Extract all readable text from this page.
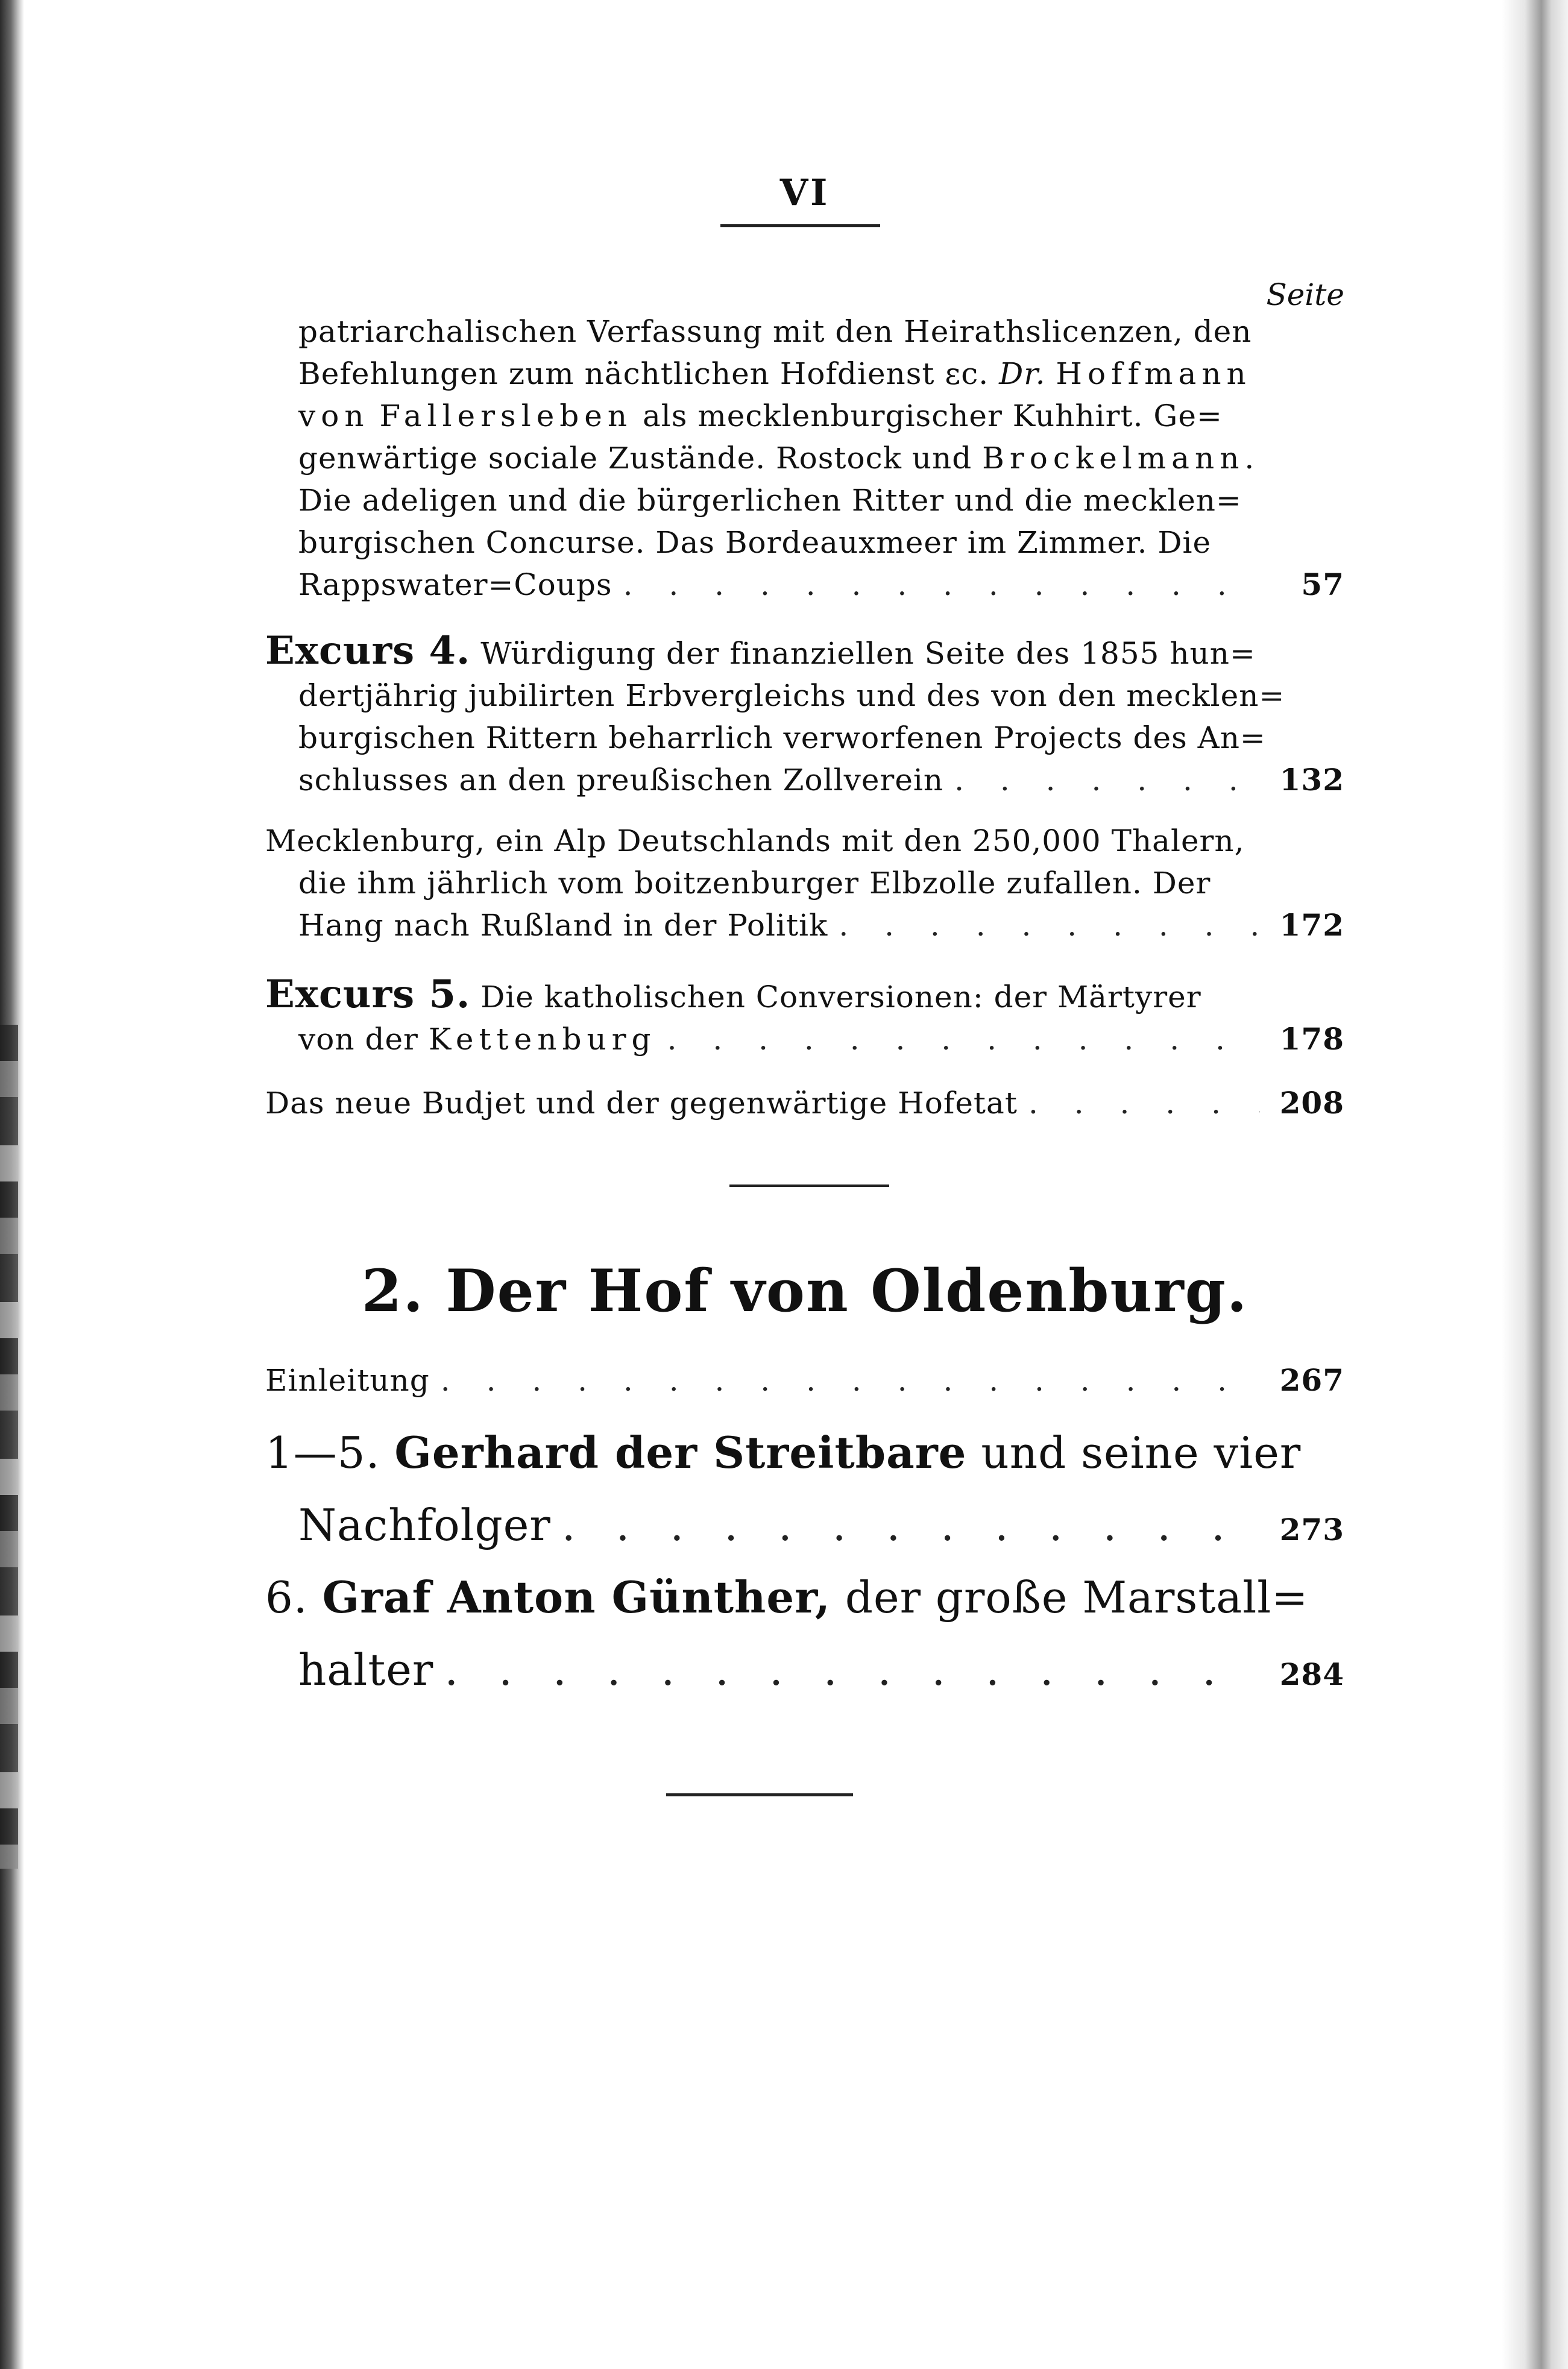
VI
Seite
patriarchalischen Verfassung mit den Heirathslicenzen, den
Befehlungen zum nächtlichen Hofdienst ɛc. Dr. Hoffmann
von Fallersleben als mecklenburgischer Kuhhirt. Ge=
genwärtige sociale Zustände. Rostock und Brockelmann.
Die adeligen und die bürgerlichen Ritter und die mecklen=
burgischen Concurse. Das Bordeauxmeer im Zimmer. Die
Rappswater=Coups . . .	57
Excurs 4. Würdigung der finanziellen Seite des 1855 hun=
dertjährig jubilirten Erbvergleichs und des von den mecklen=
burgischen Rittern beharrlich verworfenen Projects des An=
schlusses an den preußischen Zollverein . . .	132
Mecklenburg, ein Alp Deutschlands mit den 250,000 Thalern,
die ihm jährlich vom boitzenburger Elbzolle zufallen. Der
Hang nach Rußland in der Politik . . .	172
Excurs 5. Die katholischen Conversionen: der Märtyrer
von der Kettenburg . . .	178
Das neue Budjet und der gegenwärtige Hofetat . . .	208
2. Der Hof von Oldenburg.
Einleitung . . .	267
1—5. Gerhard der Streitbare und seine vier
Nachfolger . . .	273
6. Graf Anton Günther, der große Marstall=
halter . . .	284
